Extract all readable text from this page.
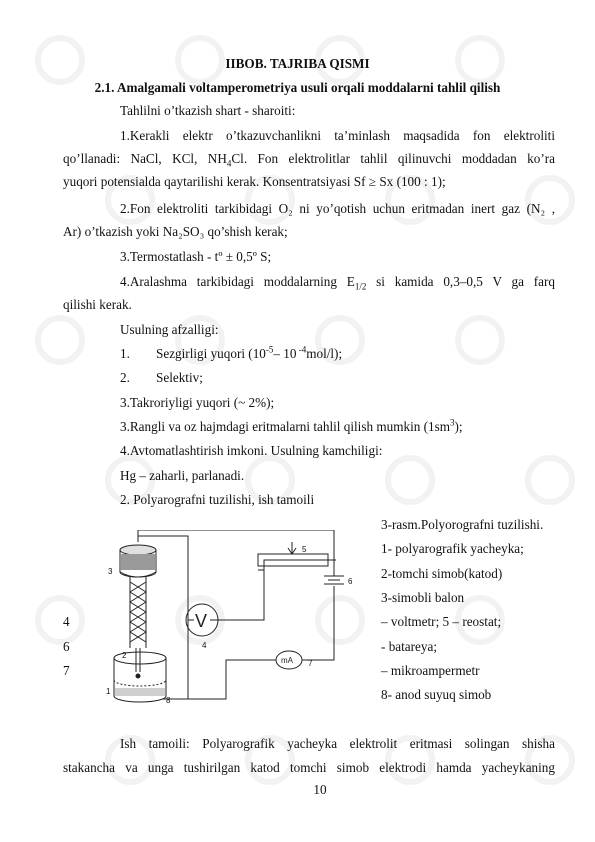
IIBOB. TAJRIBA QISMI
2.1. Amalgamali voltamperometriya usuli orqali moddalarni tahlil qilish
Tahlilni o’tkazish shart - sharoiti:
1.Kerakli elektr o’tkazuvchanlikni ta’minlash maqsadida fon elektroliti
qo’llanadi: NaCl, KCl, $NH_4Cl$. Fon elektrolitlar tahlil qilinuvchi moddadan ko’ra
yuqori potensialda qaytarilishi kerak. Konsentratsiyasi Sf ≥ Sx (100 : 1);
2.Fon elektroliti tarkibidagi O₂ ni yo’qotish uchun eritmadan inert gaz (N₂ ,
Ar) o’tkazish yoki Na₂SO₃ qo’shish kerak;
3.Termostatlash - tº ± 0,5º S;
4.Aralashma tarkibidagi moddalarning $E_{1/2}$ si kamida 0,3–0,5 V ga farq
qilishi kerak.
Usulning afzalligi:
1. Sezgirligi yuqori ($10^{-5}-$ 10 $^{-4}$mol/l);
2. Selektiv;
3.Takroriyligi yuqori (~ 2%);
3.Rangli va oz hajmdagi eritmalarni tahlil qilish mumkin $(1sm^3)$;
4.Avtomatlashtirish imkoni. Usulning kamchiligi:
Hg – zaharli, parlanadi.
2. Polyarografni tuzilishi, ish tamoili
3-rasm.Polyorografni tuzilishi.
1- polyarografik yacheyka;
2-tomchi simob(katod)
3-simobli balon
4	– voltmetr; 5 – reostat;
6	- batareya;
7	– mikroampermetr
8- anod suyuq simob
1
2
3
4
5
6
7
8
V
mA
Ish tamoili: Polyarografik yacheyka elektrolit eritmasi solingan shisha
stakancha va unga tushirilgan katod tomchi simob elektrodi hamda yacheykaning
10
